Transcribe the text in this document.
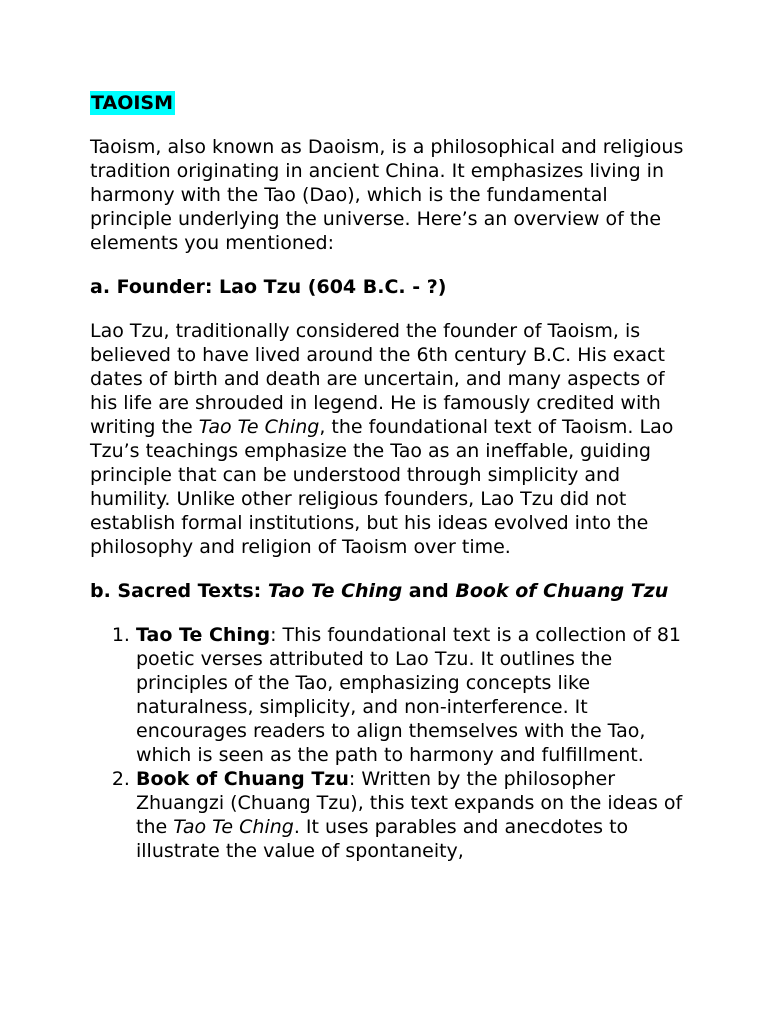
TAOISM

Taoism, also known as Daoism, is a philosophical and religious tradition originating in ancient China. It emphasizes living in harmony with the Tao (Dao), which is the fundamental principle underlying the universe. Here’s an overview of the elements you mentioned:

a. Founder: Lao Tzu (604 B.C. - ?)

Lao Tzu, traditionally considered the founder of Taoism, is believed to have lived around the 6th century B.C. His exact dates of birth and death are uncertain, and many aspects of his life are shrouded in legend. He is famously credited with writing the Tao Te Ching, the foundational text of Taoism. Lao Tzu’s teachings emphasize the Tao as an ineffable, guiding principle that can be understood through simplicity and humility. Unlike other religious founders, Lao Tzu did not establish formal institutions, but his ideas evolved into the philosophy and religion of Taoism over time.

b. Sacred Texts: Tao Te Ching and Book of Chuang Tzu
1. Tao Te Ching: This foundational text is a collection of 81 poetic verses attributed to Lao Tzu. It outlines the principles of the Tao, emphasizing concepts like naturalness, simplicity, and non-interference. It encourages readers to align themselves with the Tao, which is seen as the path to harmony and fulfillment.
2. Book of Chuang Tzu: Written by the philosopher Zhuangzi (Chuang Tzu), this text expands on the ideas of the Tao Te Ching. It uses parables and anecdotes to illustrate the value of spontaneity,
